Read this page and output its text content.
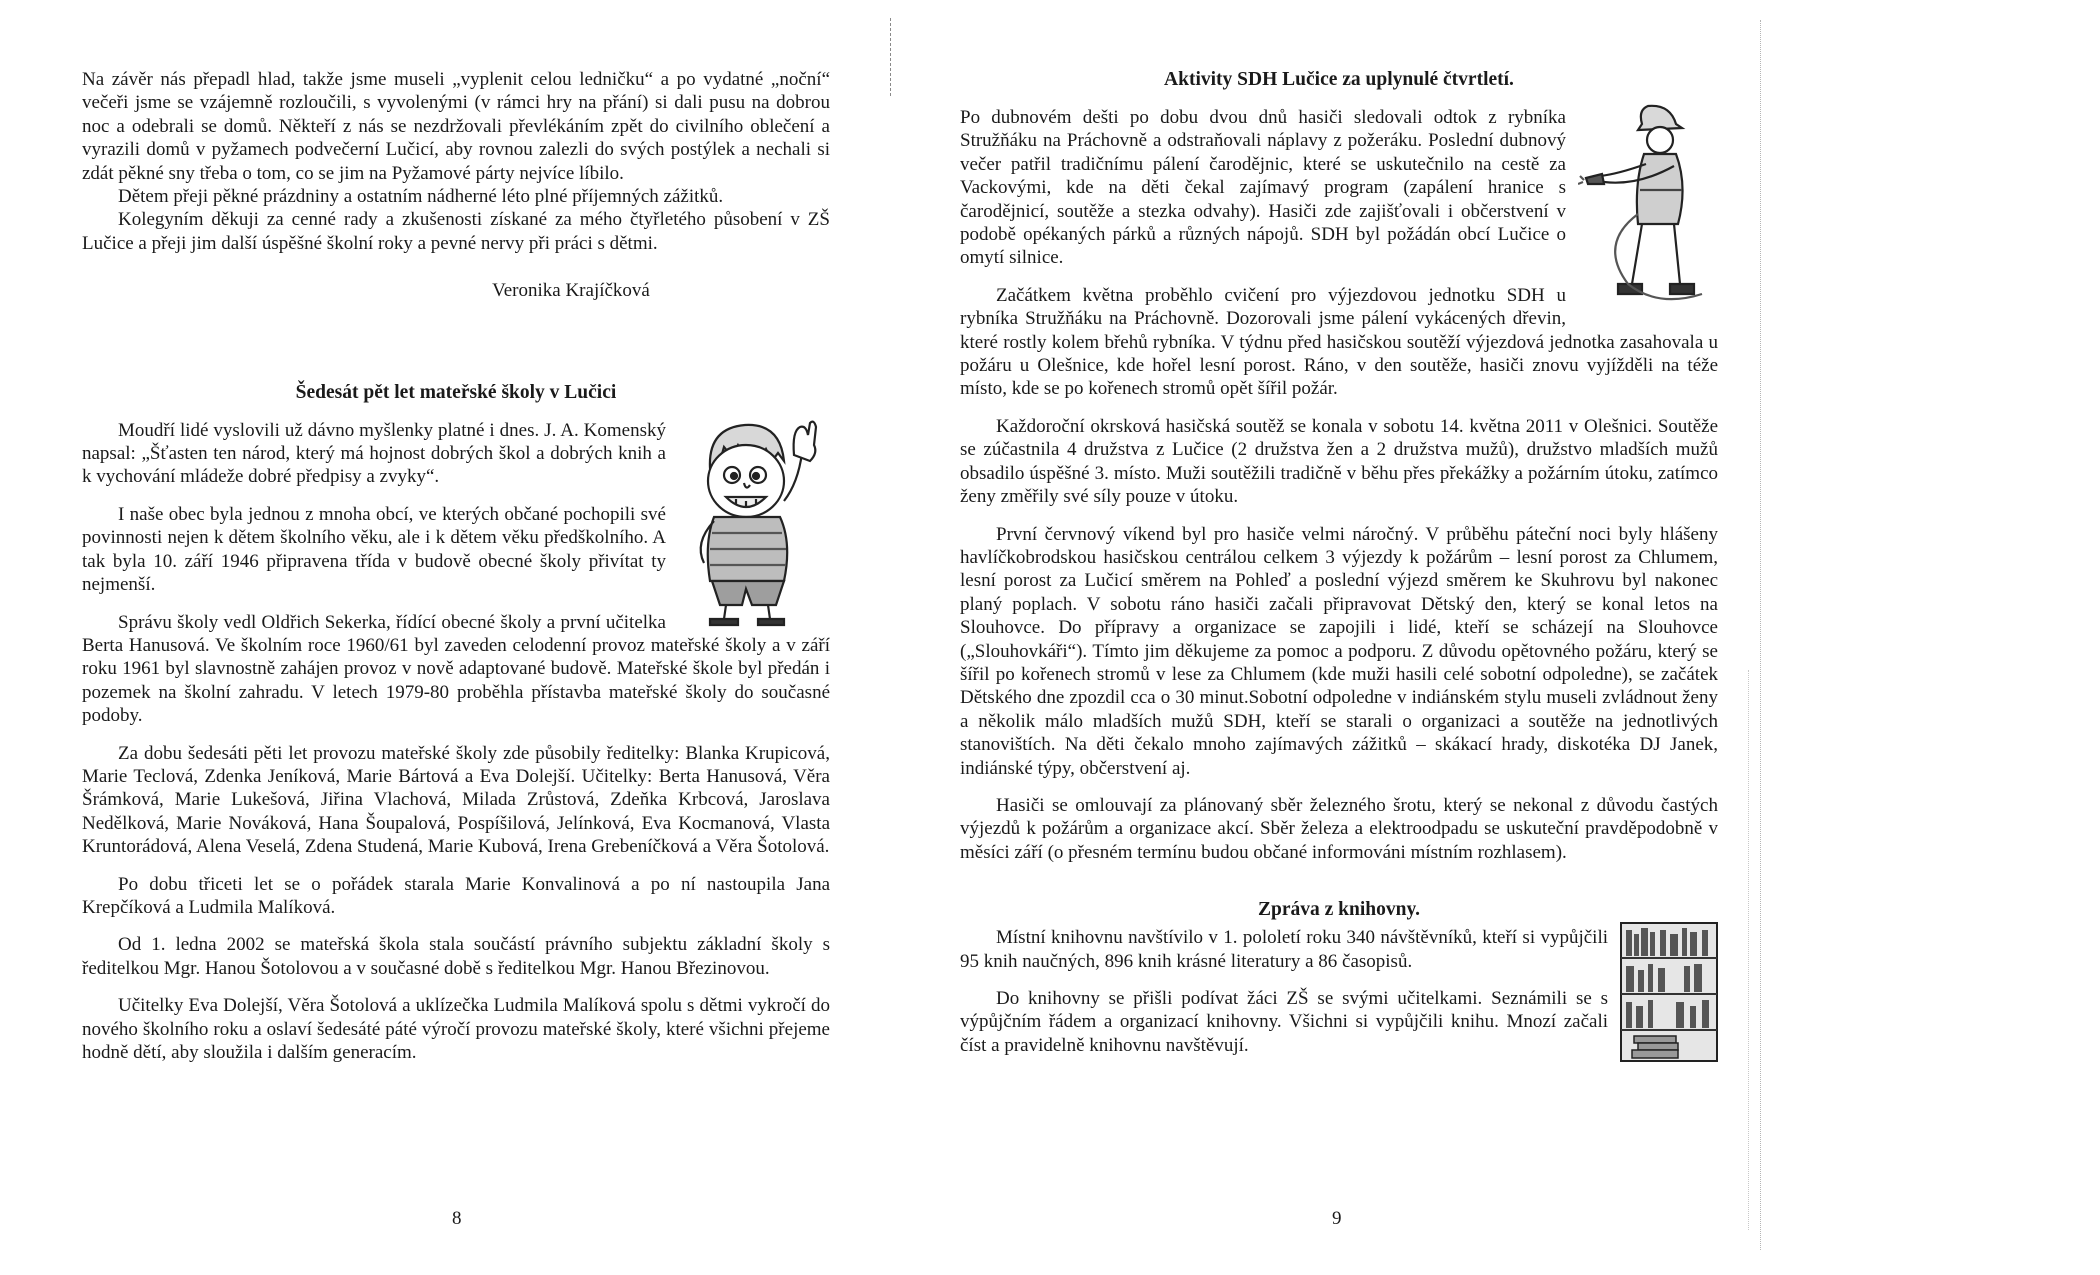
Na závěr nás přepadl hlad, takže jsme museli „vyplenit celou ledničku“ a po vydatné „noční“ večeři jsme se vzájemně rozloučili, s vyvolenými (v rámci hry na přání) si dali pusu na dobrou noc a odebrali se domů. Někteří z nás se nezdržovali převlékáním zpět do civilního oblečení a vyrazili domů v pyžamech podvečerní Lučicí, aby rovnou zalezli do svých postýlek a nechali si zdát pěkné sny třeba o tom, co se jim na Pyžamové párty nejvíce líbilo.

Dětem přeji pěkné prázdniny a ostatním nádherné léto plné příjemných zážitků.

Kolegyním děkuji za cenné rady a zkušenosti získané za mého čtyřletého působení v ZŠ Lučice a přeji jim další úspěšné školní roky a pevné nervy při práci s dětmi.

Veronika Krajíčková

Šedesát pět let mateřské školy v Lučici

Moudří lidé vyslovili už dávno myšlenky platné i dnes. J. A. Komenský napsal: „Šťasten ten národ, který má hojnost dobrých škol a dobrých knih a k vychování mládeže dobré předpisy a zvyky“.

I naše obec byla jednou z mnoha obcí, ve kterých občané pochopili své povinnosti nejen k dětem školního věku, ale i k dětem věku předškolního. A tak byla 10. září 1946 připravena třída v budově obecné školy přivítat ty nejmenší.

Správu školy vedl Oldřich Sekerka, řídící obecné školy a první učitelka Berta Hanusová. Ve školním roce 1960/61 byl zaveden celodenní provoz mateřské školy a v září roku 1961 byl slavnostně zahájen provoz v nově adaptované budově. Mateřské škole byl předán i pozemek na školní zahradu. V letech 1979-80 proběhla přístavba mateřské školy do současné podoby.

Za dobu šedesáti pěti let provozu mateřské školy zde působily ředitelky: Blanka Krupicová, Marie Teclová, Zdenka Jeníková, Marie Bártová a Eva Dolejší. Učitelky: Berta Hanusová, Věra Šrámková, Marie Lukešová, Jiřina Vlachová, Milada Zrůstová, Zdeňka Krbcová, Jaroslava Nedělková, Marie Nováková, Hana Šoupalová, Pospíšilová, Jelínková, Eva Kocmanová, Vlasta Kruntorádová, Alena Veselá, Zdena Studená, Marie Kubová, Irena Grebeníčková a Věra Šotolová.

Po dobu třiceti let se o pořádek starala Marie Konvalinová a po ní nastoupila Jana Krepčíková a Ludmila Malíková.

Od 1. ledna 2002 se mateřská škola stala součástí právního subjektu základní školy s ředitelkou Mgr. Hanou Šotolovou a v současné době s ředitelkou Mgr. Hanou Březinovou.

Učitelky Eva Dolejší, Věra Šotolová a uklízečka Ludmila Malíková spolu s dětmi vykročí do nového školního roku a oslaví šedesáté páté výročí provozu mateřské školy, které všichni přejeme hodně dětí, aby sloužila i dalším generacím.

8
Aktivity SDH Lučice za uplynulé čtvrtletí.

Po dubnovém dešti po dobu dvou dnů hasiči sledovali odtok z rybníka Stružňáku na Práchovně a odstraňovali náplavy z požeráku. Poslední dubnový večer patřil tradičnímu pálení čarodějnic, které se uskutečnilo na cestě za Vackovými, kde na děti čekal zajímavý program (zapálení hranice s čarodějnicí, soutěže a stezka odvahy). Hasiči zde zajišťovali i občerstvení v podobě opékaných párků a různých nápojů. SDH byl požádán obcí Lučice o omytí silnice.

Začátkem května proběhlo cvičení pro výjezdovou jednotku SDH u rybníka Stružňáku na Práchovně. Dozorovali jsme pálení vykácených dřevin, které rostly kolem břehů rybníka. V týdnu před hasičskou soutěží výjezdová jednotka zasahovala u požáru u Olešnice, kde hořel lesní porost. Ráno, v den soutěže, hasiči znovu vyjížděli na téže místo, kde se po kořenech stromů opět šířil požár.

Každoroční okrsková hasičská soutěž se konala v sobotu 14. května 2011 v Olešnici. Soutěže se zúčastnila 4 družstva z Lučice (2 družstva žen a 2 družstva mužů), družstvo mladších mužů obsadilo úspěšné 3. místo. Muži soutěžili tradičně v běhu přes překážky a požárním útoku, zatímco ženy změřily své síly pouze v útoku.

První červnový víkend byl pro hasiče velmi náročný. V průběhu páteční noci byly hlášeny havlíčkobrodskou hasičskou centrálou celkem 3 výjezdy k požárům – lesní porost za Chlumem, lesní porost za Lučicí směrem na Pohleď a poslední výjezd směrem ke Skuhrovu byl nakonec planý poplach. V sobotu ráno hasiči začali připravovat Dětský den, který se konal letos na Slouhovce. Do přípravy a organizace se zapojili i lidé, kteří se scházejí na Slouhovce („Slouhovkáři“). Tímto jim děkujeme za pomoc a podporu. Z důvodu opětovného požáru, který se šířil po kořenech stromů v lese za Chlumem (kde muži hasili celé sobotní odpoledne), se začátek Dětského dne zpozdil cca o 30 minut.Sobotní odpoledne v indiánském stylu museli zvládnout ženy a několik málo mladších mužů SDH, kteří se starali o organizaci a soutěže na jednotlivých stanovištích. Na děti čekalo mnoho zajímavých zážitků – skákací hrady, diskotéka DJ Janek, indiánské týpy, občerstvení aj.

Hasiči se omlouvají za plánovaný sběr železného šrotu, který se nekonal z důvodu častých výjezdů k požárům a organizace akcí. Sběr železa a elektroodpadu se uskuteční pravděpodobně v měsíci září (o přesném termínu budou občané informováni místním rozhlasem).

Zpráva z knihovny.

Místní knihovnu navštívilo v 1. pololetí roku 340 návštěvníků, kteří si vypůjčili 95 knih naučných, 896 knih krásné literatury a 86 časopisů.

Do knihovny se přišli podívat žáci ZŠ se svými učitelkami. Seznámili se s výpůjčním řádem a organizací knihovny. Všichni si vypůjčili knihu. Mnozí začali číst a pravidelně knihovnu navštěvují.

9
